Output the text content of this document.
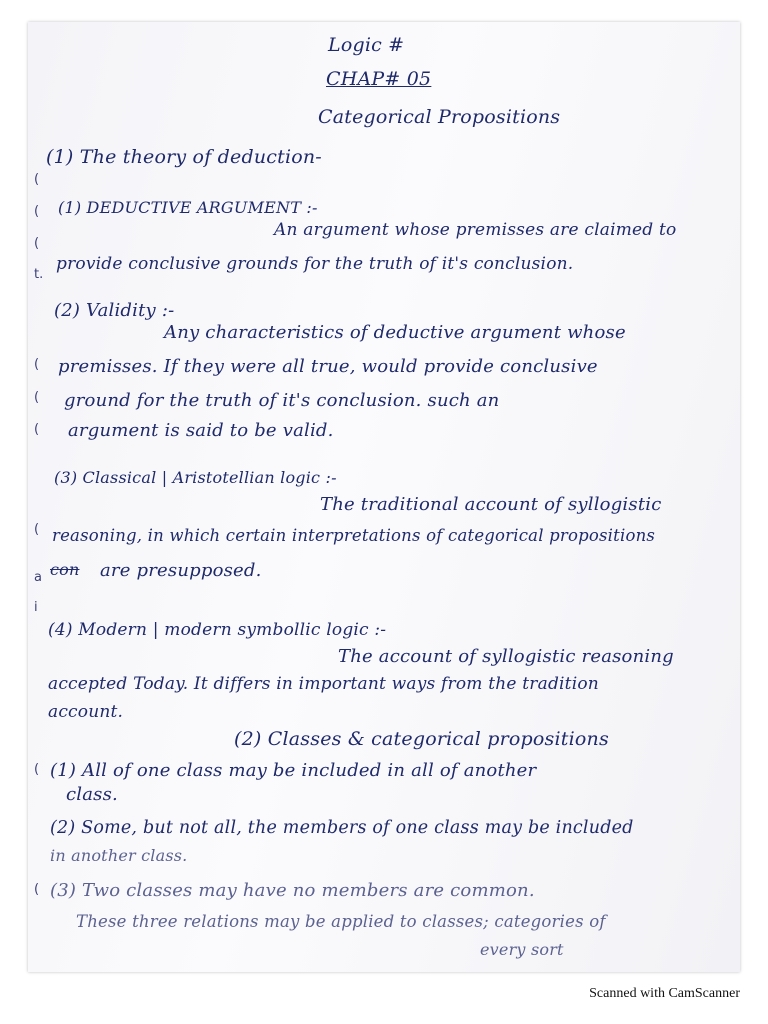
(
(
(
t.
(
(
(
(
a
i
(
(
Logic #
CHAP# 05
Categorical Propositions
(1) The theory of deduction-
(1) DEDUCTIVE ARGUMENT :-
An argument whose premisses are claimed to
provide conclusive grounds for the truth of it's conclusion.
(2) Validity :-
Any characteristics of deductive argument whose
premisses. If they were all true, would provide conclusive
ground for the truth of it's conclusion. such an
argument is said to be valid.
(3) Classical | Aristotellian logic :-
The traditional account of syllogistic
reasoning, in which certain interpretations of categorical propositions
con are presupposed.
(4) Modern | modern symbollic logic :-
The account of syllogistic reasoning
accepted Today. It differs in important ways from the tradition
account.
(2) Classes & categorical propositions
(1) All of one class may be included in all of another
class.
(2) Some, but not all, the members of one class may be included
in another class.
(3) Two classes may have no members are common.
These three relations may be applied to classes; categories of
every sort
Scanned with CamScanner
